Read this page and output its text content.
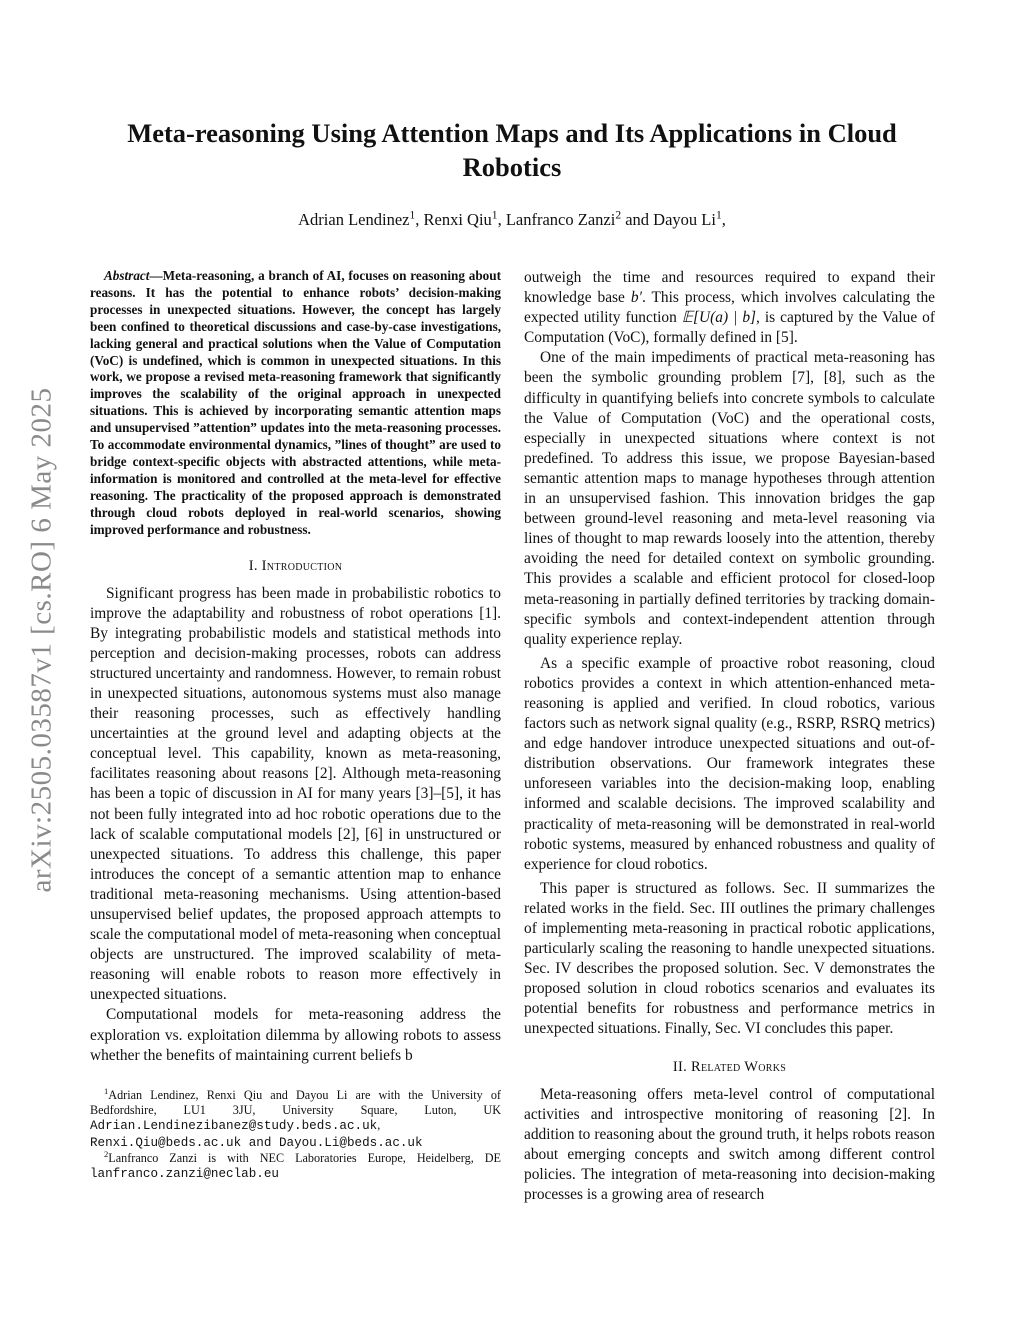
arXiv:2505.03587v1 [cs.RO] 6 May 2025
Meta-reasoning Using Attention Maps and Its Applications in Cloud Robotics

Adrian Lendinez$^1$, Renxi Qiu$^1$, Lanfranco Zanzi$^2$ and Dayou Li$^1$,

Abstract—Meta-reasoning, a branch of AI, focuses on reasoning about reasons. It has the potential to enhance robots’ decision-making processes in unexpected situations. However, the concept has largely been confined to theoretical discussions and case-by-case investigations, lacking general and practical solutions when the Value of Computation (VoC) is undefined, which is common in unexpected situations. In this work, we propose a revised meta-reasoning framework that significantly improves the scalability of the original approach in unexpected situations. This is achieved by incorporating semantic attention maps and unsupervised ”attention” updates into the meta-reasoning processes. To accommodate environmental dynamics, ”lines of thought” are used to bridge context-specific objects with abstracted attentions, while meta-information is monitored and controlled at the meta-level for effective reasoning. The practicality of the proposed approach is demonstrated through cloud robots deployed in real-world scenarios, showing improved performance and robustness.

I. Introduction

Significant progress has been made in probabilistic robotics to improve the adaptability and robustness of robot operations [1]. By integrating probabilistic models and statistical methods into perception and decision-making processes, robots can address structured uncertainty and randomness. However, to remain robust in unexpected situations, autonomous systems must also manage their reasoning processes, such as effectively handling uncertainties at the ground level and adapting objects at the conceptual level. This capability, known as meta-reasoning, facilitates reasoning about reasons [2]. Although meta-reasoning has been a topic of discussion in AI for many years [3]–[5], it has not been fully integrated into ad hoc robotic operations due to the lack of scalable computational models [2], [6] in unstructured or unexpected situations. To address this challenge, this paper introduces the concept of a semantic attention map to enhance traditional meta-reasoning mechanisms. Using attention-based unsupervised belief updates, the proposed approach attempts to scale the computational model of meta-reasoning when conceptual objects are unstructured. The improved scalability of meta-reasoning will enable robots to reason more effectively in unexpected situations.

Computational models for meta-reasoning address the exploration vs. exploitation dilemma by allowing robots to assess whether the benefits of maintaining current beliefs b

$^1$Adrian Lendinez, Renxi Qiu and Dayou Li are with the University of Bedfordshire, LU1 3JU, University Square, Luton, UK Adrian.Lendinezibanez@study.beds.ac.uk, Renxi.Qiu@beds.ac.uk and Dayou.Li@beds.ac.uk

$^2$Lanfranco Zanzi is with NEC Laboratories Europe, Heidelberg, DE lanfranco.zanzi@neclab.eu

outweigh the time and resources required to expand their knowledge base b′. This process, which involves calculating the expected utility function 𝔼[U(a) | b], is captured by the Value of Computation (VoC), formally defined in [5].

One of the main impediments of practical meta-reasoning has been the symbolic grounding problem [7], [8], such as the difficulty in quantifying beliefs into concrete symbols to calculate the Value of Computation (VoC) and the operational costs, especially in unexpected situations where context is not predefined. To address this issue, we propose Bayesian-based semantic attention maps to manage hypotheses through attention in an unsupervised fashion. This innovation bridges the gap between ground-level reasoning and meta-level reasoning via lines of thought to map rewards loosely into the attention, thereby avoiding the need for detailed context on symbolic grounding. This provides a scalable and efficient protocol for closed-loop meta-reasoning in partially defined territories by tracking domain-specific symbols and context-independent attention through quality experience replay.

As a specific example of proactive robot reasoning, cloud robotics provides a context in which attention-enhanced meta-reasoning is applied and verified. In cloud robotics, various factors such as network signal quality (e.g., RSRP, RSRQ metrics) and edge handover introduce unexpected situations and out-of-distribution observations. Our framework integrates these unforeseen variables into the decision-making loop, enabling informed and scalable decisions. The improved scalability and practicality of meta-reasoning will be demonstrated in real-world robotic systems, measured by enhanced robustness and quality of experience for cloud robotics.

This paper is structured as follows. Sec. II summarizes the related works in the field. Sec. III outlines the primary challenges of implementing meta-reasoning in practical robotic applications, particularly scaling the reasoning to handle unexpected situations. Sec. IV describes the proposed solution. Sec. V demonstrates the proposed solution in cloud robotics scenarios and evaluates its potential benefits for robustness and performance metrics in unexpected situations. Finally, Sec. VI concludes this paper.

II. Related Works

Meta-reasoning offers meta-level control of computational activities and introspective monitoring of reasoning [2]. In addition to reasoning about the ground truth, it helps robots reason about emerging concepts and switch among different control policies. The integration of meta-reasoning into decision-making processes is a growing area of research
